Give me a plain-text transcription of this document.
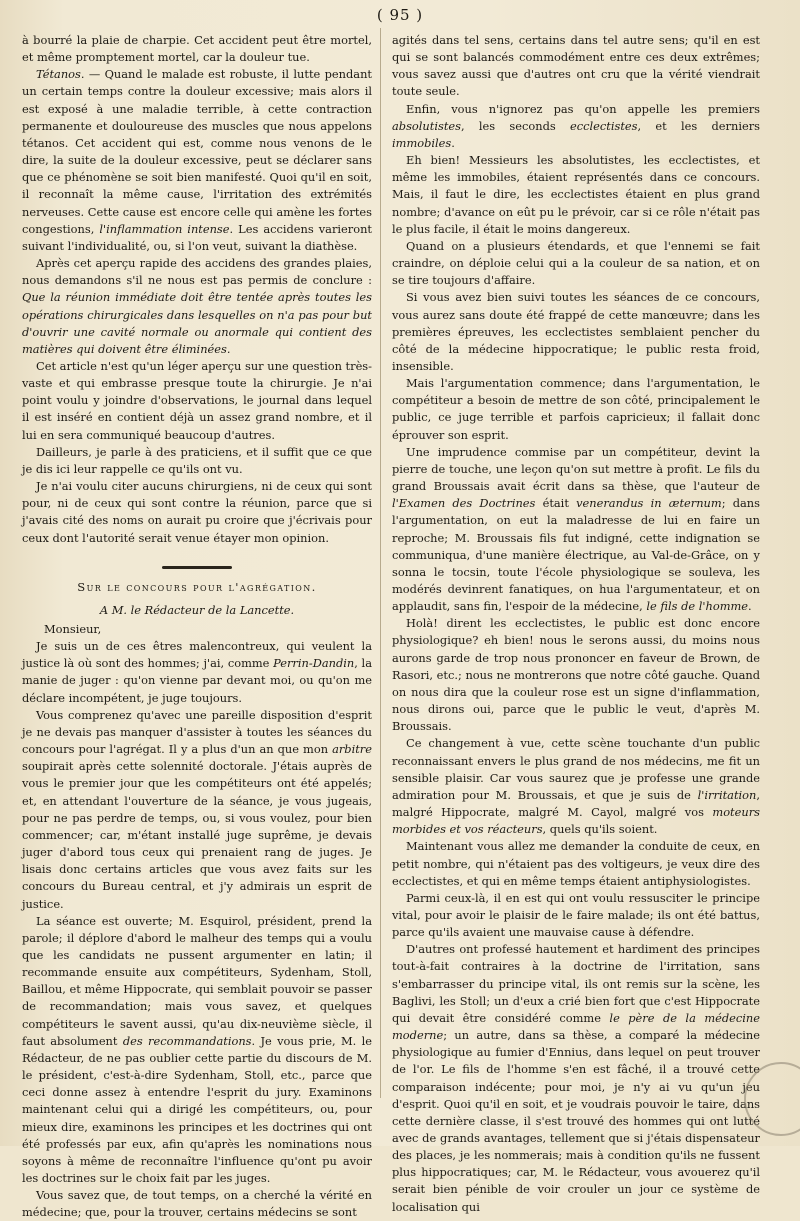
( 95 )

à bourré la plaie de charpie. Cet accident peut être mortel, et même promptement mortel, car la douleur tue.

Tétanos. — Quand le malade est robuste, il lutte pendant un certain temps contre la douleur excessive; mais alors il est exposé à une maladie terrible, à cette contraction permanente et douloureuse des muscles que nous appelons tétanos. Cet accident qui est, comme nous venons de le dire, la suite de la douleur excessive, peut se déclarer sans que ce phénomène se soit bien manifesté. Quoi qu'il en soit, il reconnaît la même cause, l'irritation des extrémités nerveuses. Cette cause est encore celle qui amène les fortes congestions, l'inflammation intense. Les accidens varieront suivant l'individualité, ou, si l'on veut, suivant la diathèse.

Après cet aperçu rapide des accidens des grandes plaies, nous demandons s'il ne nous est pas permis de conclure : Que la réunion immédiate doit être tentée après toutes les opérations chirurgicales dans lesquelles on n'a pas pour but d'ouvrir une cavité normale ou anormale qui contient des matières qui doivent être éliminées.

Cet article n'est qu'un léger aperçu sur une question très-vaste et qui embrasse presque toute la chirurgie. Je n'ai point voulu y joindre d'observations, le journal dans lequel il est inséré en contient déjà un assez grand nombre, et il lui en sera communiqué beaucoup d'autres.

Dailleurs, je parle à des praticiens, et il suffit que ce que je dis ici leur rappelle ce qu'ils ont vu.

Je n'ai voulu citer aucuns chirurgiens, ni de ceux qui sont pour, ni de ceux qui sont contre la réunion, parce que si j'avais cité des noms on aurait pu croire que j'écrivais pour ceux dont l'autorité serait venue étayer mon opinion.

Sur le concours pour l'agrégation.

A M. le Rédacteur de la Lancette.

Monsieur,

Je suis un de ces êtres malencontreux, qui veulent la justice là où sont des hommes; j'ai, comme Perrin-Dandin, la manie de juger : qu'on vienne par devant moi, ou qu'on me déclare incompétent, je juge toujours.

Vous comprenez qu'avec une pareille disposition d'esprit je ne devais pas manquer d'assister à toutes les séances du concours pour l'agrégat. Il y a plus d'un an que mon arbitre soupirait après cette solennité doctorale. J'étais auprès de vous le premier jour que les compétiteurs ont été appelés; et, en attendant l'ouverture de la séance, je vous jugeais, pour ne pas perdre de temps, ou, si vous voulez, pour bien commencer; car, m'étant installé juge suprême, je devais juger d'abord tous ceux qui prenaient rang de juges. Je lisais donc certains articles que vous avez faits sur les concours du Bureau central, et j'y admirais un esprit de justice.

La séance est ouverte; M. Esquirol, président, prend la parole; il déplore d'abord le malheur des temps qui a voulu que les candidats ne pussent argumenter en latin; il recommande ensuite aux compétiteurs, Sydenham, Stoll, Baillou, et même Hippocrate, qui semblait pouvoir se passer de recommandation; mais vous savez, et quelques compétiteurs le savent aussi, qu'au dix-neuvième siècle, il faut absolument des recommandations. Je vous prie, M. le Rédacteur, de ne pas oublier cette partie du discours de M. le président, c'est-à-dire Sydenham, Stoll, etc., parce que ceci donne assez à entendre l'esprit du jury. Examinons maintenant celui qui a dirigé les compétiteurs, ou, pour mieux dire, examinons les principes et les doctrines qui ont été professés par eux, afin qu'après les nominations nous soyons à même de reconnaître l'influence qu'ont pu avoir les doctrines sur le choix fait par les juges.

Vous savez que, de tout temps, on a cherché la vérité en médecine; que, pour la trouver, certains médecins se sont

agités dans tel sens, certains dans tel autre sens; qu'il en est qui se sont balancés commodément entre ces deux extrêmes; vous savez aussi que d'autres ont cru que la vérité viendrait toute seule.

Enfin, vous n'ignorez pas qu'on appelle les premiers absolutistes, les seconds ecclectistes, et les derniers immobiles.

Eh bien! Messieurs les absolutistes, les ecclectistes, et même les immobiles, étaient représentés dans ce concours. Mais, il faut le dire, les ecclectistes étaient en plus grand nombre; d'avance on eût pu le prévoir, car si ce rôle n'était pas le plus facile, il était le moins dangereux.

Quand on a plusieurs étendards, et que l'ennemi se fait craindre, on déploie celui qui a la couleur de sa nation, et on se tire toujours d'affaire.

Si vous avez bien suivi toutes les séances de ce concours, vous aurez sans doute été frappé de cette manœuvre; dans les premières épreuves, les ecclectistes semblaient pencher du côté de la médecine hippocratique; le public resta froid, insensible.

Mais l'argumentation commence; dans l'argumentation, le compétiteur a besoin de mettre de son côté, principalement le public, ce juge terrible et parfois capricieux; il fallait donc éprouver son esprit.

Une imprudence commise par un compétiteur, devint la pierre de touche, une leçon qu'on sut mettre à profit. Le fils du grand Broussais avait écrit dans sa thèse, que l'auteur de l'Examen des Doctrines était venerandus in æternum; dans l'argumentation, on eut la maladresse de lui en faire un reproche; M. Broussais fils fut indigné, cette indignation se communiqua, d'une manière électrique, au Val-de-Grâce, on y sonna le tocsin, toute l'école physiologique se souleva, les modérés devinrent fanatiques, on hua l'argumentateur, et on applaudit, sans fin, l'espoir de la médecine, le fils de l'homme.

Holà! dirent les ecclectistes, le public est donc encore physiologique? eh bien! nous le serons aussi, du moins nous aurons garde de trop nous prononcer en faveur de Brown, de Rasori, etc.; nous ne montrerons que notre côté gauche. Quand on nous dira que la couleur rose est un signe d'inflammation, nous dirons oui, parce que le public le veut, d'après M. Broussais.

Ce changement à vue, cette scène touchante d'un public reconnaissant envers le plus grand de nos médecins, me fit un sensible plaisir. Car vous saurez que je professe une grande admiration pour M. Broussais, et que je suis de l'irritation, malgré Hippocrate, malgré M. Cayol, malgré vos moteurs morbides et vos réacteurs, quels qu'ils soient.

Maintenant vous allez me demander la conduite de ceux, en petit nombre, qui n'étaient pas des voltigeurs, je veux dire des ecclectistes, et qui en même temps étaient antiphysiologistes.

Parmi ceux-là, il en est qui ont voulu ressusciter le principe vital, pour avoir le plaisir de le faire malade; ils ont été battus, parce qu'ils avaient une mauvaise cause à défendre.

D'autres ont professé hautement et hardiment des principes tout-à-fait contraires à la doctrine de l'irritation, sans s'embarrasser du principe vital, ils ont remis sur la scène, les Baglivi, les Stoll; un d'eux a crié bien fort que c'est Hippocrate qui devait être considéré comme le père de la médecine moderne; un autre, dans sa thèse, a comparé la médecine physiologique au fumier d'Ennius, dans lequel on peut trouver de l'or. Le fils de l'homme s'en est fâché, il a trouvé cette comparaison indécente; pour moi, je n'y ai vu qu'un jeu d'esprit. Quoi qu'il en soit, et je voudrais pouvoir le taire, dans cette dernière classe, il s'est trouvé des hommes qui ont lutté avec de grands avantages, tellement que si j'étais dispensateur des places, je les nommerais; mais à condition qu'ils ne fussent plus hippocratiques; car, M. le Rédacteur, vous avouerez qu'il serait bien pénible de voir crouler un jour ce système de localisation qui
